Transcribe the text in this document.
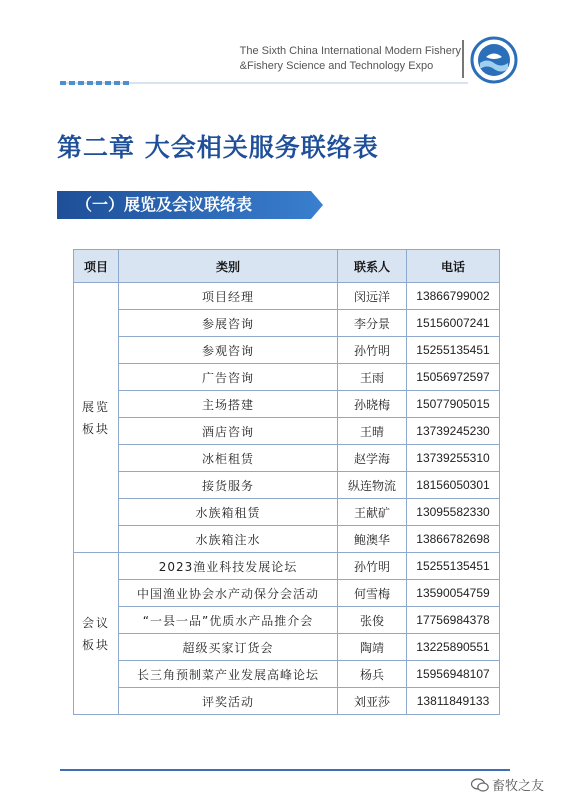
The Sixth China International Modern Fishery
&Fishery Science and Technology Expo
第二章 大会相关服务联络表
（一）展览及会议联络表
项目	类别	联系人	电话

展览
板块	项目经理	闵远洋	13866799002
	参展咨询	李分景	15156007241
	参观咨询	孙竹明	15255135451
	广告咨询	王雨	15056972597
	主场搭建	孙晓梅	15077905015
	酒店咨询	王晴	13739245230
	冰柜租赁	赵学海	13739255310
	接货服务	纵连物流	18156050301
	水族箱租赁	王献矿	13095582330
	水族箱注水	鲍澳华	13866782698

会议
板块	2023渔业科技发展论坛	孙竹明	15255135451
	中国渔业协会水产动保分会活动	何雪梅	13590054759
	“一县一品”优质水产品推介会	张俊	17756984378
	超级买家订货会	陶靖	13225890551
	长三角预制菜产业发展高峰论坛	杨兵	15956948107
	评奖活动	刘亚莎	13811849133
畜牧之友
